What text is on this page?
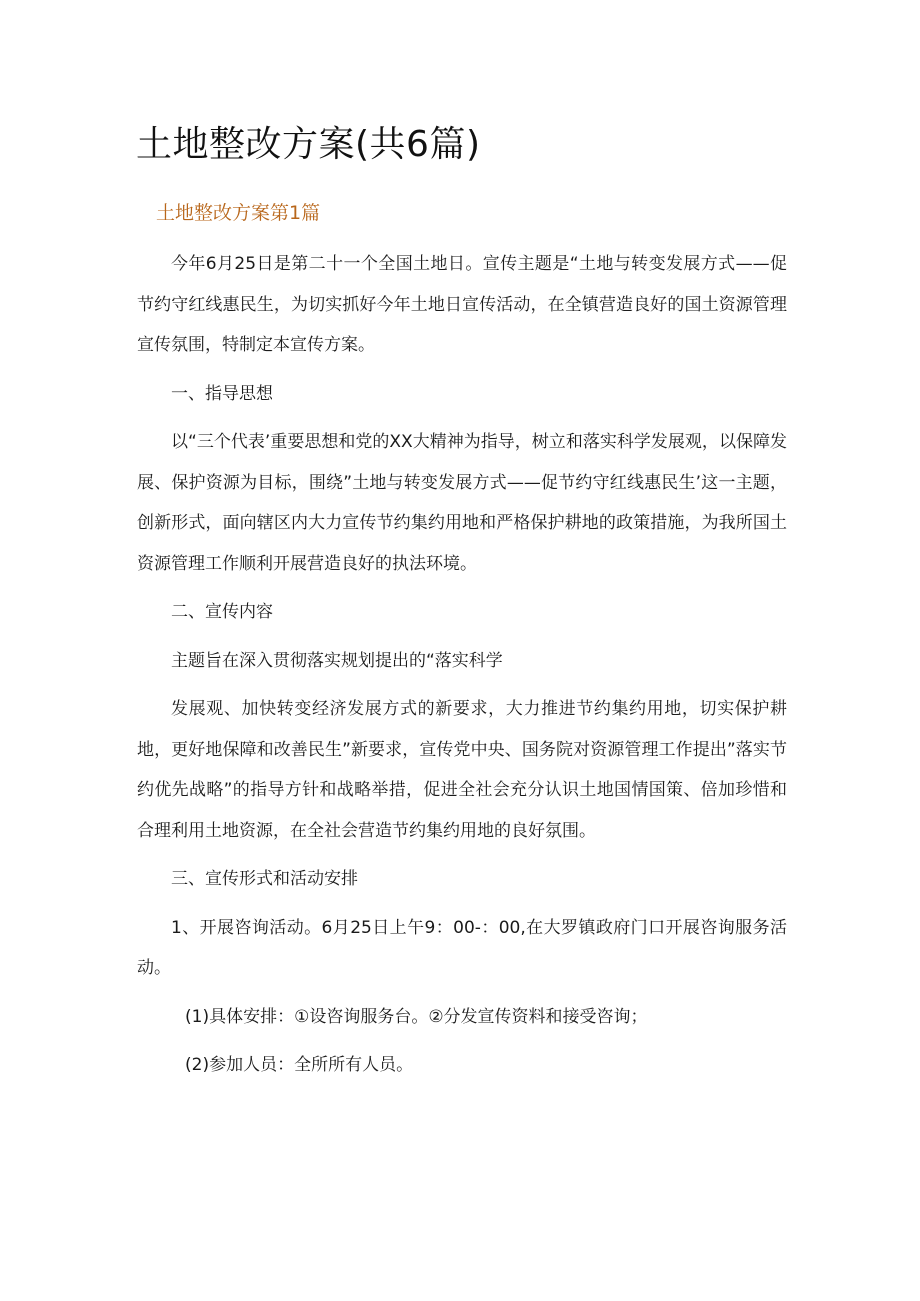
土地整改方案(共6篇)
土地整改方案第1篇

今年6月25日是第二十一个全国土地日。宣传主题是“土地与转变发展方式——促节约守红线惠民生，为切实抓好今年土地日宣传活动，在全镇营造良好的国土资源管理宣传氛围，特制定本宣传方案。

一、指导思想

以“三个代表’重要思想和党的XX大精神为指导，树立和落实科学发展观，以保障发展、保护资源为目标，围绕”土地与转变发展方式——促节约守红线惠民生’这一主题，创新形式，面向辖区内大力宣传节约集约用地和严格保护耕地的政策措施，为我所国土资源管理工作顺利开展营造良好的执法环境。

二、宣传内容

主题旨在深入贯彻落实规划提出的“落实科学

发展观、加快转变经济发展方式的新要求，大力推进节约集约用地，切实保护耕地，更好地保障和改善民生”新要求，宣传党中央、国务院对资源管理工作提出”落实节约优先战略”的指导方针和战略举措，促进全社会充分认识土地国情国策、倍加珍惜和合理利用土地资源，在全社会营造节约集约用地的良好氛围。

三、宣传形式和活动安排

1、开展咨询活动。6月25日上午9：00-：00,在大罗镇政府门口开展咨询服务活动。

(1)具体安排：①设咨询服务台。②分发宣传资料和接受咨询；

(2)参加人员：全所所有人员。
